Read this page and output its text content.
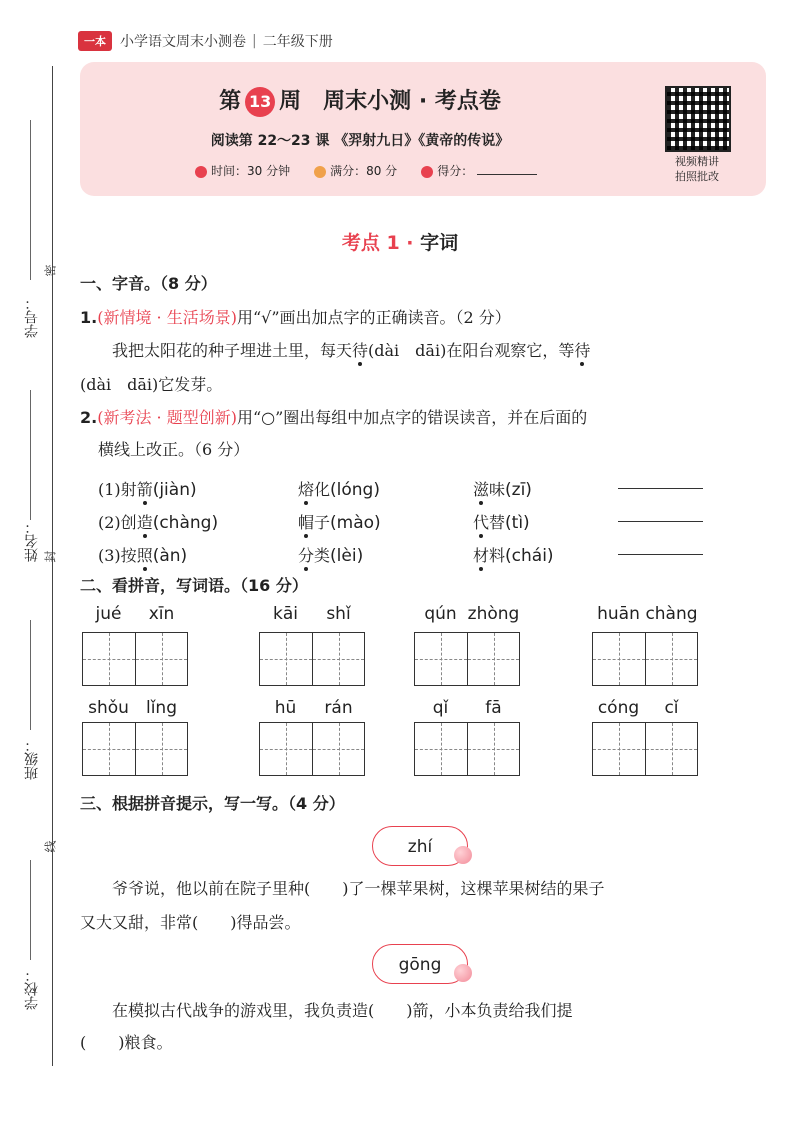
一本	小学语文周末小测卷 | 二年级下册
密
封
线
学号：
姓名：
班级：
学校：
第 13 周　 周末小测 · 考点卷
阅读第 22～23 课 《羿射九日》《黄帝的传说》
时间：30 分钟	满分：80 分	得分：
视频精讲
拍照批改
考点 1 · 字词
一、字音。（8 分）
1.(新情境 · 生活场景)用“√”画出加点字的正确读音。（2 分）
我把太阳花的种子埋进土里，每天待(dài　dāi)在阳台观察它，等待
(dài　dāi)它发芽。
2.(新考法 · 题型创新)用“○”圈出每组中加点字的错误读音，并在后面的
横线上改正。（6 分）
(1)射箭(jiàn)	熔化(lóng)	滋味(zī)
(2)创造(chàng)	帽子(mào)	代替(tì)
(3)按照(àn)	分类(lèi)	材料(chái)
二、看拼音，写词语。（16 分）
jué	xīn	kāi	shǐ	qún zhòng	huān chàng
shǒu	lǐng	hū	rán	qǐ	fā	cóng	cǐ
三、根据拼音提示，写一写。（4 分）
zhí
爷爷说，他以前在院子里种(　　)了一棵苹果树，这棵苹果树结的果子
又大又甜，非常(　　)得品尝。
gōng
在模拟古代战争的游戏里，我负责造(　　)箭，小本负责给我们提
(　　)粮食。
